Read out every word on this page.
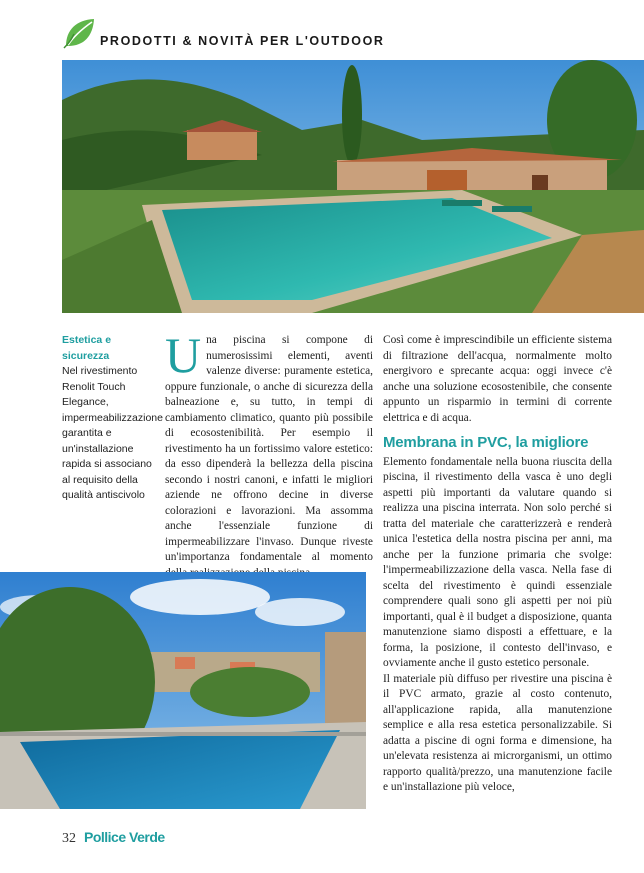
PRODOTTI & NOVITÀ PER L'OUTDOOR
Estetica e sicurezza
Nel rivestimento Renolit Touch Elegance, impermeabilizzazione garantita e un'installazione rapida si associano al requisito della qualità antiscivolo
U na piscina si compone di numerosissimi elementi, aventi valenze diverse: puramente estetica, oppure funzionale, o anche di sicurezza della balneazione e, su tutto, in tempi di cambiamento climatico, quanto più possibile di ecosostenibilità. Per esempio il rivestimento ha un fortissimo valore estetico: da esso dipenderà la bellezza della piscina secondo i nostri canoni, e infatti le migliori aziende ne offrono decine in diverse colorazioni e lavorazioni. Ma assomma anche l'essenziale funzione di impermeabilizzare l'invaso. Dunque riveste un'importanza fondamentale al momento

Così come è imprescindibile un efficiente sistema di filtrazione dell'acqua, normalmente molto energivoro e sprecante acqua: oggi invece c'è anche una soluzione ecosostenibile, che consente appunto un risparmio in termini di corrente elettrica e di acqua.

Membrana in PVC, la migliore

Elemento fondamentale nella buona riuscita della piscina, il rivestimento della vasca è uno degli aspetti più importanti da valutare quando si realizza una piscina interrata. Non solo perché si tratta del materiale che caratterizzerà e renderà unica l'estetica della nostra piscina per anni, ma anche per la funzione primaria che svolge: l'impermeabilizzazione della vasca. Nella fase di scelta del rivestimento è quindi essenziale comprendere quali sono gli aspetti per noi più importanti, qual è il budget a disposizione, quanta manutenzione siamo disposti a effettuare, e la forma, la posizione, il contesto dell'invaso, e ovviamente anche il gusto estetico personale.

Il materiale più diffuso per rivestire una piscina è il PVC armato, grazie al costo contenuto, all'applicazione rapida, alla manutenzione semplice e alla resa estetica personalizzabile. Si adatta a piscine di ogni forma e dimensione, ha un'elevata resistenza ai microrganismi, un ottimo rapporto qualità/prezzo, una manutenzione facile e un'installazione più veloce,

32 Pollice Verde
